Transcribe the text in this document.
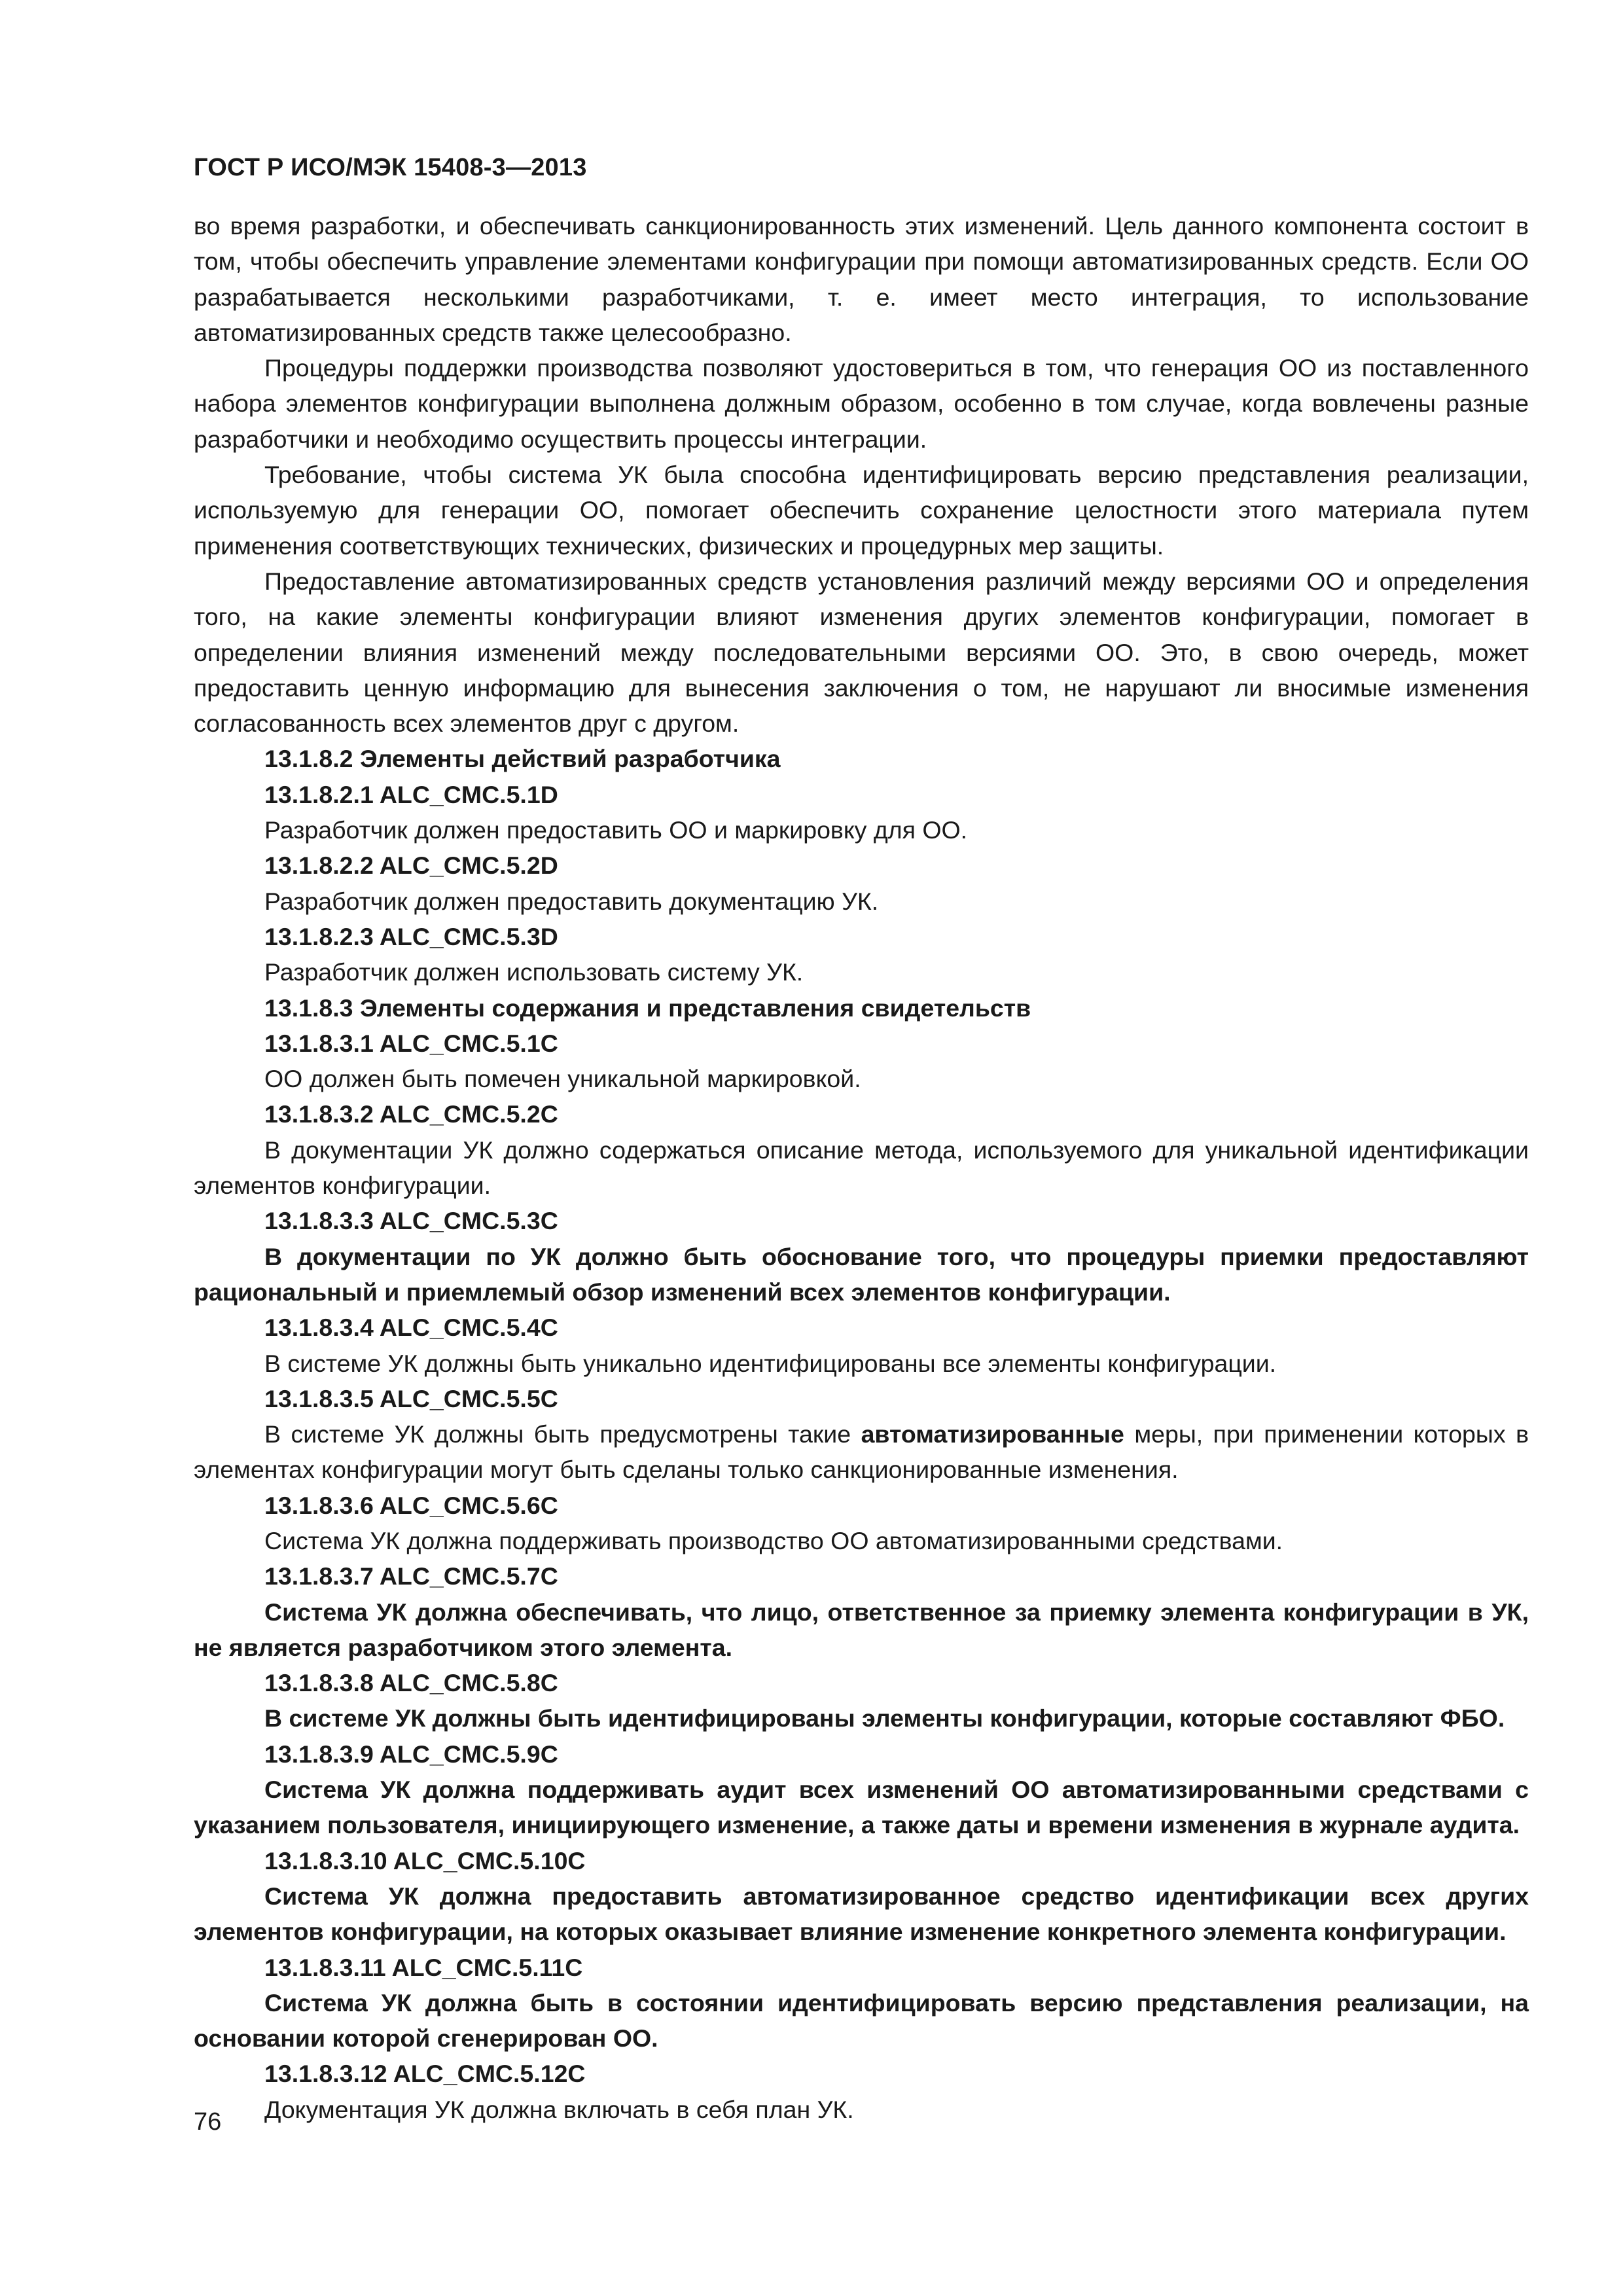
ГОСТ Р ИСО/МЭК 15408-3—2013

во время разработки, и обеспечивать санкционированность этих изменений. Цель данного компонента состоит в том, чтобы обеспечить управление элементами конфигурации при помощи автоматизированных средств. Если ОО разрабатывается несколькими разработчиками, т. е. имеет место интеграция, то использование автоматизированных средств также целесообразно.

Процедуры поддержки производства позволяют удостовериться в том, что генерация ОО из поставленного набора элементов конфигурации выполнена должным образом, особенно в том случае, когда вовлечены разные разработчики и необходимо осуществить процессы интеграции.

Требование, чтобы система УК была способна идентифицировать версию представления реализации, используемую для генерации ОО, помогает обеспечить сохранение целостности этого материала путем применения соответствующих технических, физических и процедурных мер защиты.

Предоставление автоматизированных средств установления различий между версиями ОО и определения того, на какие элементы конфигурации влияют изменения других элементов конфигурации, помогает в определении влияния изменений между последовательными версиями ОО. Это, в свою очередь, может предоставить ценную информацию для вынесения заключения о том, не нарушают ли вносимые изменения согласованность всех элементов друг с другом.

13.1.8.2 Элементы действий разработчика

13.1.8.2.1 ALC_CMC.5.1D

Разработчик должен предоставить ОО и маркировку для ОО.

13.1.8.2.2 ALC_CMC.5.2D

Разработчик должен предоставить документацию УК.

13.1.8.2.3 ALC_CMC.5.3D

Разработчик должен использовать систему УК.

13.1.8.3 Элементы содержания и представления свидетельств

13.1.8.3.1 ALC_CMC.5.1C

ОО должен быть помечен уникальной маркировкой.

13.1.8.3.2 ALC_CMC.5.2C

В документации УК должно содержаться описание метода, используемого для уникальной идентификации элементов конфигурации.

13.1.8.3.3 ALC_CMC.5.3C

В документации по УК должно быть обоснование того, что процедуры приемки предоставляют рациональный и приемлемый обзор изменений всех элементов конфигурации.

13.1.8.3.4 ALC_CMC.5.4C

В системе УК должны быть уникально идентифицированы все элементы конфигурации.

13.1.8.3.5 ALC_CMC.5.5C

В системе УК должны быть предусмотрены такие автоматизированные меры, при применении которых в элементах конфигурации могут быть сделаны только санкционированные изменения.

13.1.8.3.6 ALC_CMC.5.6C

Система УК должна поддерживать производство ОО автоматизированными средствами.

13.1.8.3.7 ALC_CMC.5.7C

Система УК должна обеспечивать, что лицо, ответственное за приемку элемента конфигурации в УК, не является разработчиком этого элемента.

13.1.8.3.8 ALC_CMC.5.8C

В системе УК должны быть идентифицированы элементы конфигурации, которые составляют ФБО.

13.1.8.3.9 ALC_CMC.5.9C

Система УК должна поддерживать аудит всех изменений ОО автоматизированными средствами с указанием пользователя, инициирующего изменение, а также даты и времени изменения в журнале аудита.

13.1.8.3.10 ALC_CMC.5.10C

Система УК должна предоставить автоматизированное средство идентификации всех других элементов конфигурации, на которых оказывает влияние изменение конкретного элемента конфигурации.

13.1.8.3.11 ALC_CMC.5.11C

Система УК должна быть в состоянии идентифицировать версию представления реализации, на основании которой сгенерирован ОО.

13.1.8.3.12 ALC_CMC.5.12C

Документация УК должна включать в себя план УК.

76
